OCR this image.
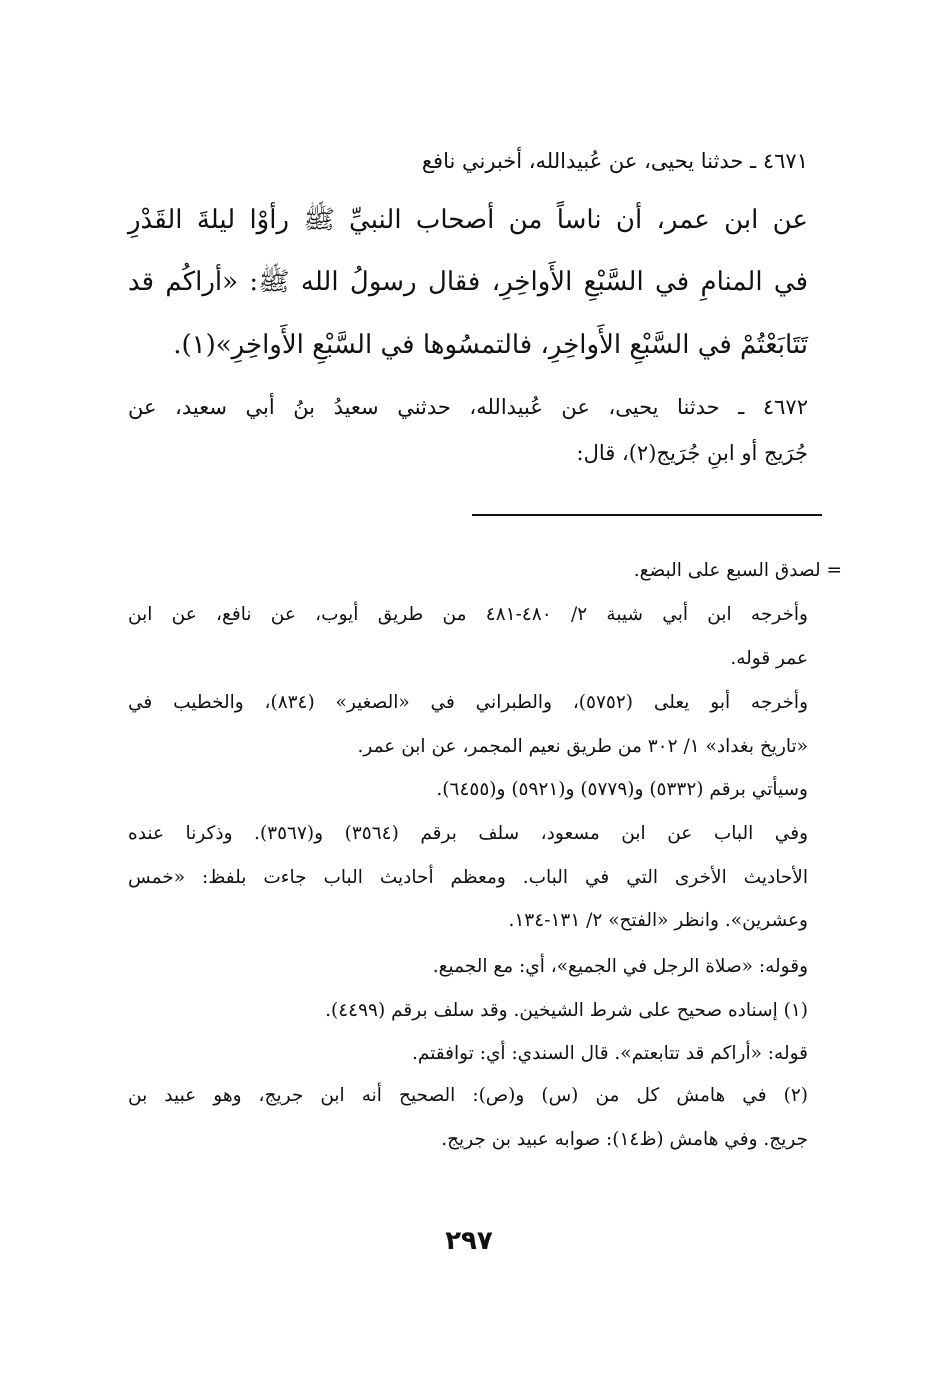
٤٦٧١ ـ حدثنا يحيى، عن عُبيدالله، أخبرني نافع

عن ابن عمر، أن ناساً من أصحاب النبيِّ ﷺ رأوْا ليلةَ القَدْرِ

في المنامِ في السَّبْعِ الأَواخِرِ، فقال رسولُ الله ﷺ: «أراكُم قد

تَتَابَعْتُمْ في السَّبْعِ الأَواخِرِ، فالتمسُوها في السَّبْعِ الأَواخِرِ»(١).

٤٦٧٢ ـ حدثنا يحيى، عن عُبيدالله، حدثني سعيدُ بنُ أبي سعيد، عن

جُرَيج أو ابنِ جُرَيج(٢)، قال:

= لصدق السبع على البضع.

وأخرجه ابن أبي شيبة ٢/ ٤٨٠-٤٨١ من طريق أيوب، عن نافع، عن ابن

عمر قوله.

وأخرجه أبو يعلى (٥٧٥٢)، والطبراني في «الصغير» (٨٣٤)، والخطيب في

«تاريخ بغداد» ١/ ٣٠٢ من طريق نعيم المجمر، عن ابن عمر.

وسيأتي برقم (٥٣٣٢) و(٥٧٧٩) و(٥٩٢١) و(٦٤٥٥).

وفي الباب عن ابن مسعود، سلف برقم (٣٥٦٤) و(٣٥٦٧). وذكرنا عنده

الأحاديث الأخرى التي في الباب. ومعظم أحاديث الباب جاءت بلفظ: «خمس

وعشرين». وانظر «الفتح» ٢/ ١٣١-١٣٤.

وقوله: «صلاة الرجل في الجميع»، أي: مع الجميع.

(١) إسناده صحيح على شرط الشيخين. وقد سلف برقم (٤٤٩٩).

قوله: «أراكم قد تتابعتم». قال السندي: أي: توافقتم.

(٢) في هامش كل من (س) و(ص): الصحيح أنه ابن جريج، وهو عبيد بن

جريج. وفي هامش (ظ١٤): صوابه عبيد بن جريج.

٢٩٧
